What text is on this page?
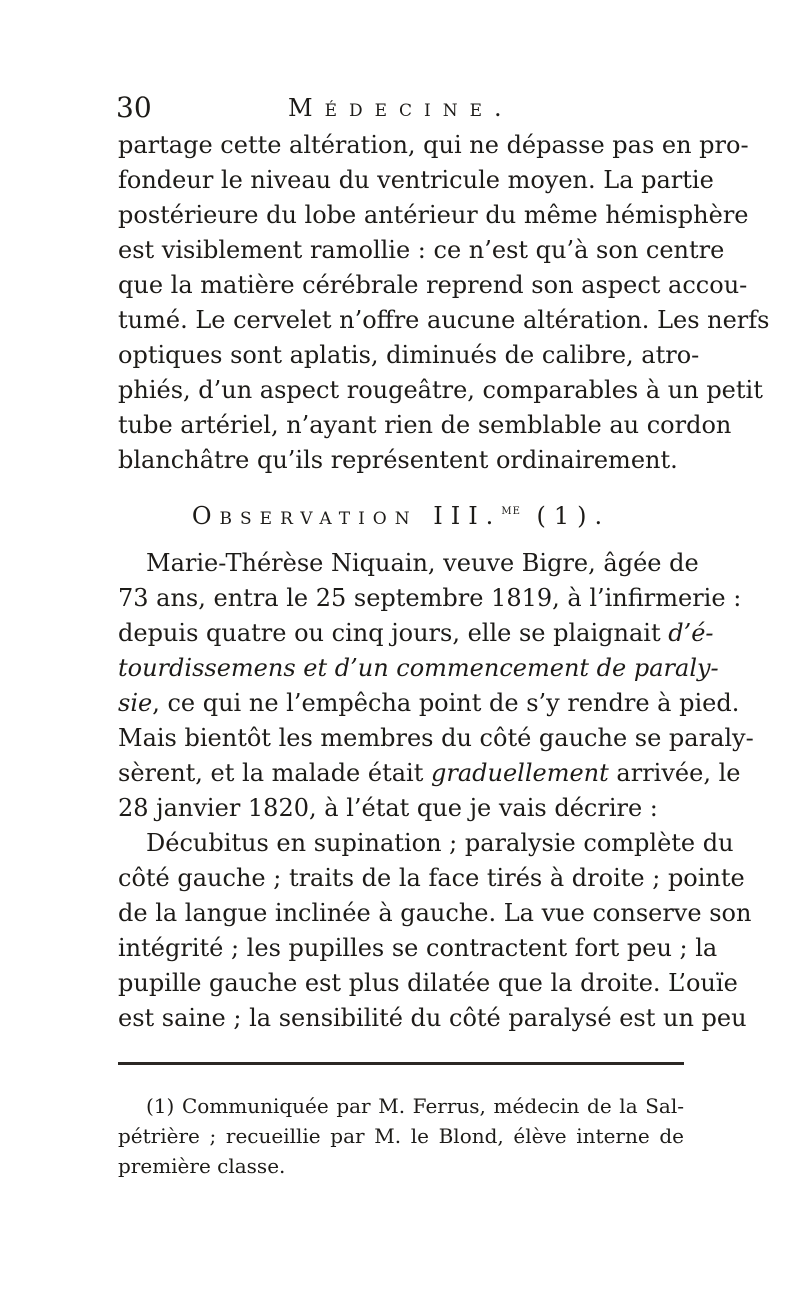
30	Médecine.

partage cette altération, qui ne dépasse pas en pro-
fondeur le niveau du ventricule moyen. La partie
postérieure du lobe antérieur du même hémisphère
est visiblement ramollie : ce n’est qu’à son centre
que la matière cérébrale reprend son aspect accou-
tumé. Le cervelet n’offre aucune altération. Les nerfs
optiques sont aplatis, diminués de calibre, atro-
phiés, d’un aspect rougeâtre, comparables à un petit
tube artériel, n’ayant rien de semblable au cordon
blanchâtre qu’ils représentent ordinairement.

Observation III.$^{me}$ (1).

Marie-Thérèse Niquain, veuve Bigre, âgée de
73 ans, entra le 25 septembre 1819, à l’infirmerie :
depuis quatre ou cinq jours, elle se plaignait d’é-
tourdissemens et d’un commencement de paraly-
sie, ce qui ne l’empêcha point de s’y rendre à pied.
Mais bientôt les membres du côté gauche se paraly-
sèrent, et la malade était graduellement arrivée, le
28 janvier 1820, à l’état que je vais décrire :

Décubitus en supination ; paralysie complète du
côté gauche ; traits de la face tirés à droite ; pointe
de la langue inclinée à gauche. La vue conserve son
intégrité ; les pupilles se contractent fort peu ; la
pupille gauche est plus dilatée que la droite. L’ouïe
est saine ; la sensibilité du côté paralysé est un peu

(1) Communiquée par M. Ferrus, médecin de la Sal-
pétrière ; recueillie par M. le Blond, élève interne de
première classe.
